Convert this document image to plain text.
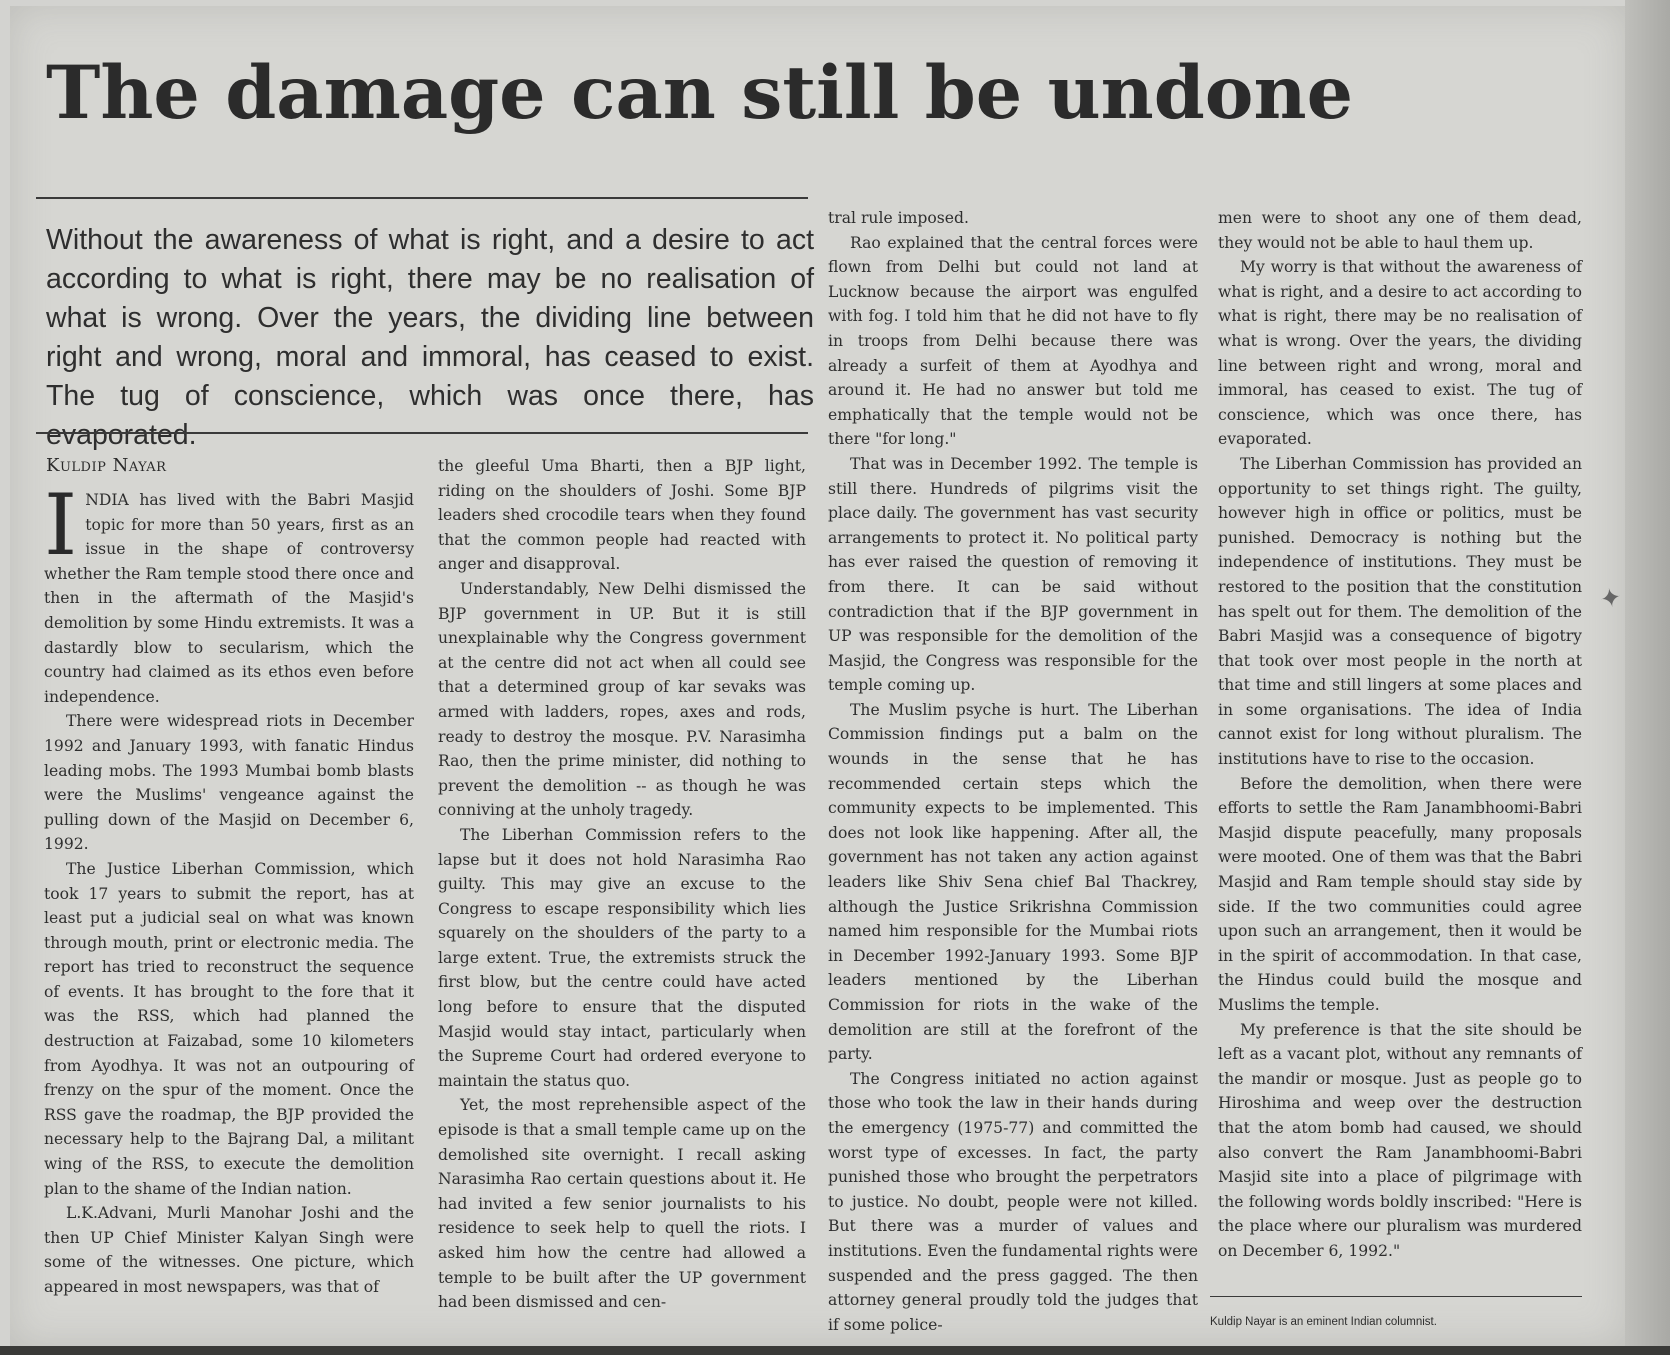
The damage can still be undone

Without the awareness of what is right, and a desire to act according to what is right, there may be no realisation of what is wrong. Over the years, the dividing line between right and wrong, moral and immoral, has ceased to exist. The tug of conscience, which was once there, has evaporated.

Kuldip Nayar

I NDIA has lived with the Babri Masjid topic for more than 50 years, first as an issue in the shape of controversy whether the Ram temple stood there once and then in the aftermath of the Masjid's demolition by some Hindu extremists. It was a dastardly blow to secularism, which the country had claimed as its ethos even before independence.

There were widespread riots in December 1992 and January 1993, with fanatic Hindus leading mobs. The 1993 Mumbai bomb blasts were the Muslims' vengeance against the pulling down of the Masjid on December 6, 1992.

The Justice Liberhan Commission, which took 17 years to submit the report, has at least put a judicial seal on what was known through mouth, print or electronic media. The report has tried to reconstruct the sequence of events. It has brought to the fore that it was the RSS, which had planned the destruction at Faizabad, some 10 kilometers from Ayodhya. It was not an outpouring of frenzy on the spur of the moment. Once the RSS gave the roadmap, the BJP provided the necessary help to the Bajrang Dal, a militant wing of the RSS, to execute the demolition plan to the shame of the Indian nation.

L.K.Advani, Murli Manohar Joshi and the then UP Chief Minister Kalyan Singh were some of the witnesses. One picture, which appeared in most newspapers, was that of

the gleeful Uma Bharti, then a BJP light, riding on the shoulders of Joshi. Some BJP leaders shed crocodile tears when they found that the common people had reacted with anger and disapproval.

Understandably, New Delhi dismissed the BJP government in UP. But it is still unexplainable why the Congress government at the centre did not act when all could see that a determined group of kar sevaks was armed with ladders, ropes, axes and rods, ready to destroy the mosque. P.V. Narasimha Rao, then the prime minister, did nothing to prevent the demolition -- as though he was conniving at the unholy tragedy.

The Liberhan Commission refers to the lapse but it does not hold Narasimha Rao guilty. This may give an excuse to the Congress to escape responsibility which lies squarely on the shoulders of the party to a large extent. True, the extremists struck the first blow, but the centre could have acted long before to ensure that the disputed Masjid would stay intact, particularly when the Supreme Court had ordered everyone to maintain the status quo.

Yet, the most reprehensible aspect of the episode is that a small temple came up on the demolished site overnight. I recall asking Narasimha Rao certain questions about it. He had invited a few senior journalists to his residence to seek help to quell the riots. I asked him how the centre had allowed a temple to be built after the UP government had been dismissed and cen-

tral rule imposed.

Rao explained that the central forces were flown from Delhi but could not land at Lucknow because the airport was engulfed with fog. I told him that he did not have to fly in troops from Delhi because there was already a surfeit of them at Ayodhya and around it. He had no answer but told me emphatically that the temple would not be there "for long."

That was in December 1992. The temple is still there. Hundreds of pilgrims visit the place daily. The government has vast security arrangements to protect it. No political party has ever raised the question of removing it from there. It can be said without contradiction that if the BJP government in UP was responsible for the demolition of the Masjid, the Congress was responsible for the temple coming up.

The Muslim psyche is hurt. The Liberhan Commission findings put a balm on the wounds in the sense that he has recommended certain steps which the community expects to be implemented. This does not look like happening. After all, the government has not taken any action against leaders like Shiv Sena chief Bal Thackrey, although the Justice Srikrishna Commission named him responsible for the Mumbai riots in December 1992-January 1993. Some BJP leaders mentioned by the Liberhan Commission for riots in the wake of the demolition are still at the forefront of the party.

The Congress initiated no action against those who took the law in their hands during the emergency (1975-77) and committed the worst type of excesses. In fact, the party punished those who brought the perpetrators to justice. No doubt, people were not killed. But there was a murder of values and institutions. Even the fundamental rights were suspended and the press gagged. The then attorney general proudly told the judges that if some police-

men were to shoot any one of them dead, they would not be able to haul them up.

My worry is that without the awareness of what is right, and a desire to act according to what is right, there may be no realisation of what is wrong. Over the years, the dividing line between right and wrong, moral and immoral, has ceased to exist. The tug of conscience, which was once there, has evaporated.

The Liberhan Commission has provided an opportunity to set things right. The guilty, however high in office or politics, must be punished. Democracy is nothing but the independence of institutions. They must be restored to the position that the constitution has spelt out for them. The demolition of the Babri Masjid was a consequence of bigotry that took over most people in the north at that time and still lingers at some places and in some organisations. The idea of India cannot exist for long without pluralism. The institutions have to rise to the occasion.

Before the demolition, when there were efforts to settle the Ram Janambhoomi-Babri Masjid dispute peacefully, many proposals were mooted. One of them was that the Babri Masjid and Ram temple should stay side by side. If the two communities could agree upon such an arrangement, then it would be in the spirit of accommodation. In that case, the Hindus could build the mosque and Muslims the temple.

My preference is that the site should be left as a vacant plot, without any remnants of the mandir or mosque. Just as people go to Hiroshima and weep over the destruction that the atom bomb had caused, we should also convert the Ram Janambhoomi-Babri Masjid site into a place of pilgrimage with the following words boldly inscribed: "Here is the place where our pluralism was murdered on December 6, 1992."

Kuldip Nayar is an eminent Indian columnist.

✦
